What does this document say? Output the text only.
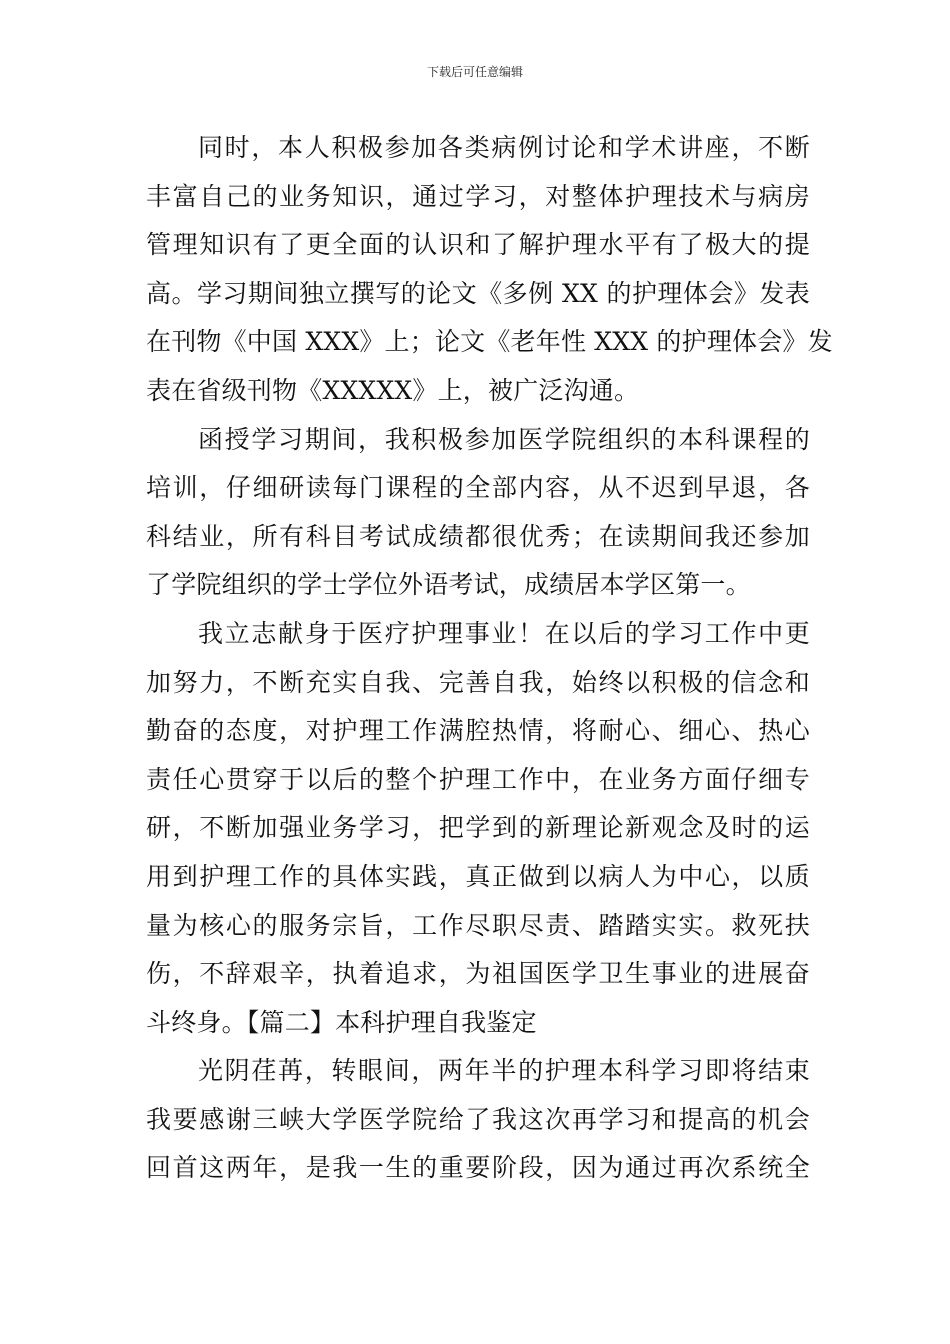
下载后可任意编辑
同时，本人积极参加各类病例讨论和学术讲座，不断
丰富自己的业务知识，通过学习，对整体护理技术与病房
管理知识有了更全面的认识和了解护理水平有了极大的提
高。学习期间独立撰写的论文《多例 XX 的护理体会》发表
在刊物《中国 XXX》上；论文《老年性 XXX 的护理体会》发
表在省级刊物《XXXXX》上，被广泛沟通。
函授学习期间，我积极参加医学院组织的本科课程的
培训，仔细研读每门课程的全部内容，从不迟到早退，各
科结业，所有科目考试成绩都很优秀；在读期间我还参加
了学院组织的学士学位外语考试，成绩居本学区第一。
我立志献身于医疗护理事业！在以后的学习工作中更
加努力，不断充实自我、完善自我，始终以积极的信念和
勤奋的态度，对护理工作满腔热情，将耐心、细心、热心
责任心贯穿于以后的整个护理工作中，在业务方面仔细专
研，不断加强业务学习，把学到的新理论新观念及时的运
用到护理工作的具体实践，真正做到以病人为中心，以质
量为核心的服务宗旨，工作尽职尽责、踏踏实实。救死扶
伤，不辞艰辛，执着追求，为祖国医学卫生事业的进展奋
斗终身。【篇二】本科护理自我鉴定
光阴荏苒，转眼间，两年半的护理本科学习即将结束
我要感谢三峡大学医学院给了我这次再学习和提高的机会
回首这两年，是我一生的重要阶段，因为通过再次系统全
